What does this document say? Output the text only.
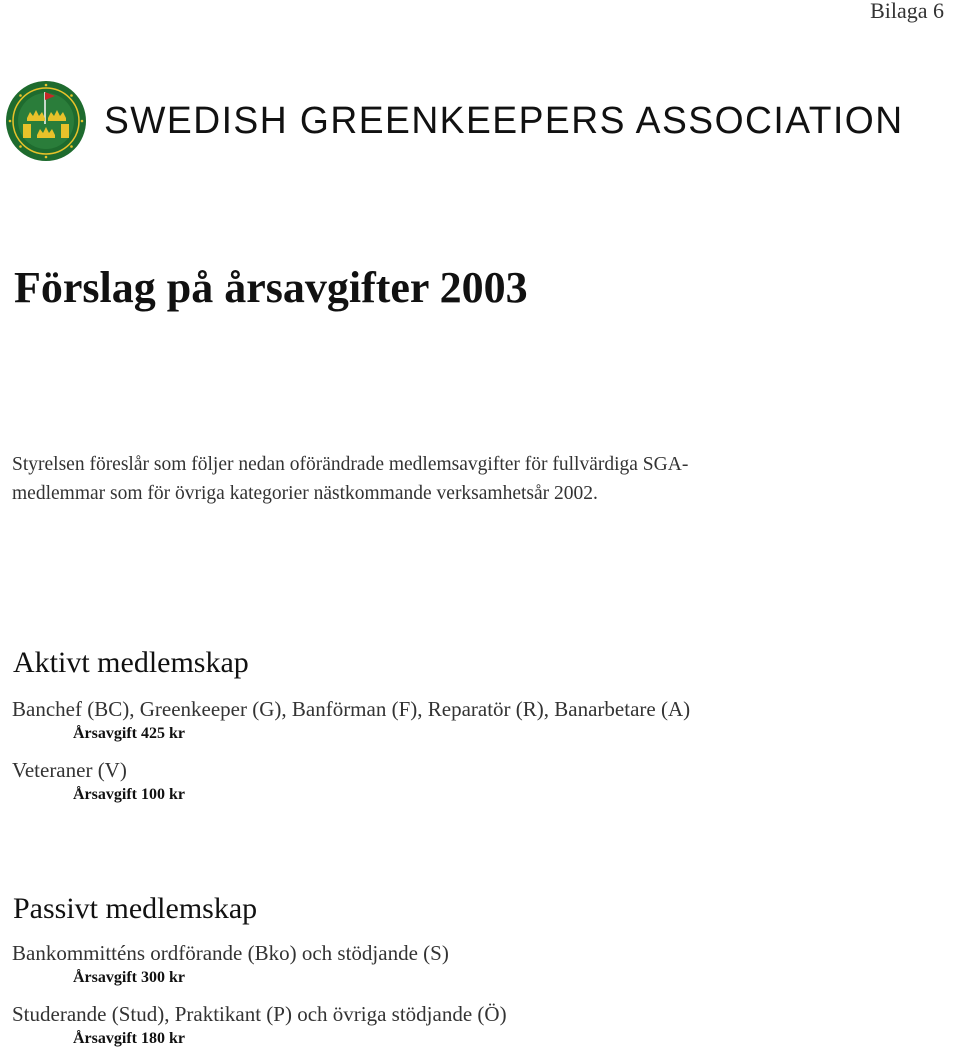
Bilaga 6
SWEDISH GREENKEEPERS ASSOCIATION
Förslag på årsavgifter 2003

Styrelsen föreslår som följer nedan oförändrade medlemsavgifter för fullvärdiga SGA-
medlemmar som för övriga kategorier nästkommande verksamhetsår 2002.

Aktivt medlemskap

Banchef (BC), Greenkeeper (G), Banförman (F), Reparatör (R), Banarbetare (A)

Årsavgift 425 kr

Veteraner (V)

Årsavgift 100 kr

Passivt medlemskap

Bankommitténs ordförande (Bko) och stödjande (S)

Årsavgift 300 kr

Studerande (Stud), Praktikant (P) och övriga stödjande (Ö)

Årsavgift 180 kr
